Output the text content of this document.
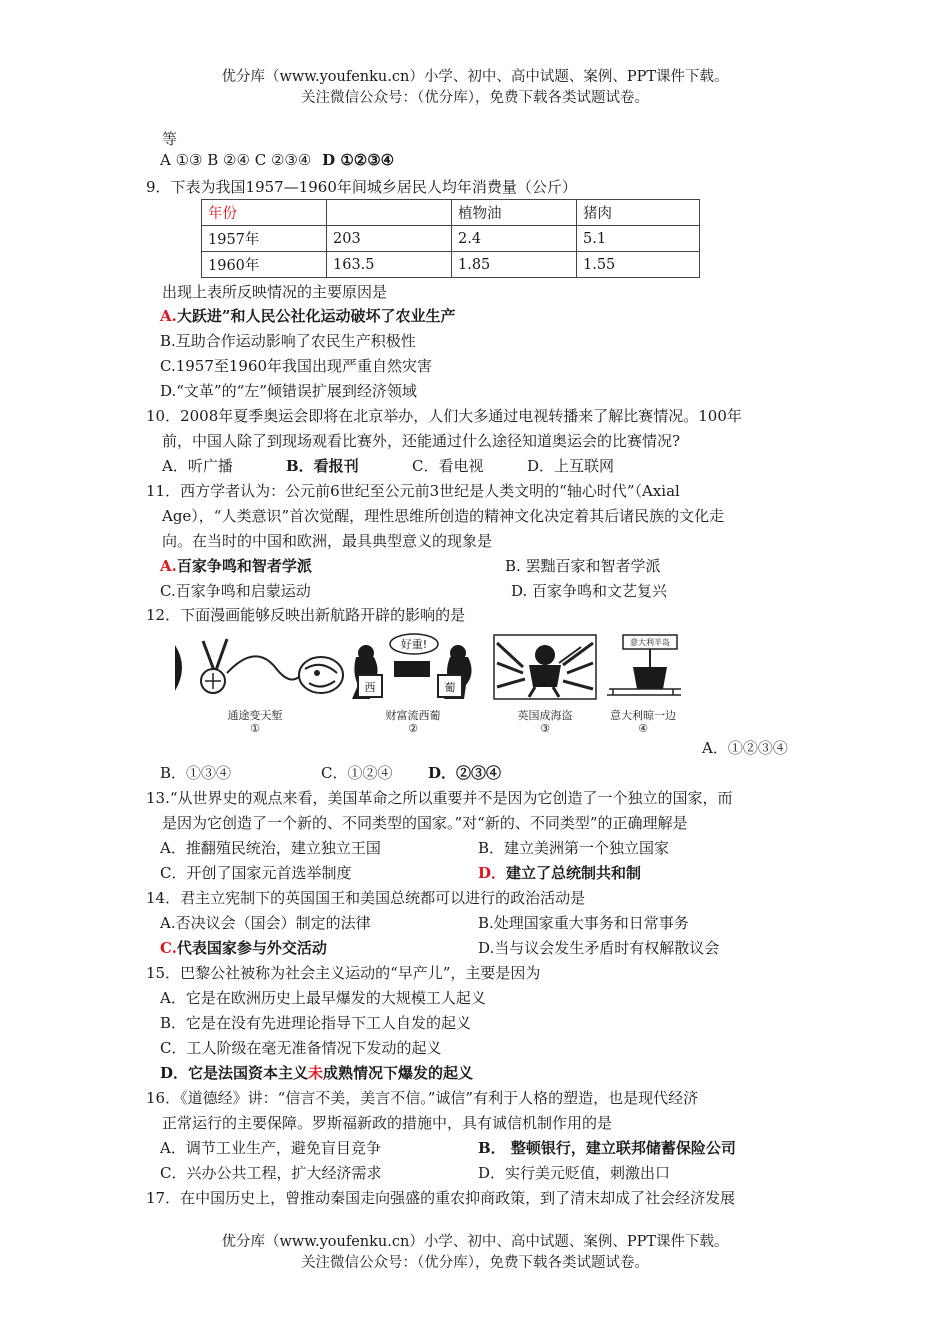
优分库（www.youfenku.cn）小学、初中、高中试题、案例、PPT课件下载。
关注微信公众号：（优分库），免费下载各类试题试卷。
等
A ①③ B ②④ C ②③④ D ①②③④
9．下表为我国1957—1960年间城乡居民人均年消费量（公斤）
年份		植物油	猪肉
1957年	203	2.4	5.1
1960年	163.5	1.85	1.55
出现上表所反映情况的主要原因是
A.大跃进”和人民公社化运动破坏了农业生产
B.互助合作运动影响了农民生产积极性
C.1957至1960年我国出现严重自然灾害
D.“文革”的“左”倾错误扩展到经济领域
10．2008年夏季奥运会即将在北京举办，人们大多通过电视转播来了解比赛情况。100年
前，中国人除了到现场观看比赛外，还能通过什么途径知道奥运会的比赛情况?
A．听广播	B．看报刊	C．看电视	D．上互联网
11．西方学者认为：公元前6世纪至公元前3世纪是人类文明的“轴心时代”（Axial
Age），“人类意识”首次觉醒，理性思维所创造的精神文化决定着其后诸民族的文化走
向。在当时的中国和欧洲，最具典型意义的现象是
A.百家争鸣和智者学派	B. 罢黜百家和智者学派
C.百家争鸣和启蒙运动	D. 百家争鸣和文艺复兴
12．下面漫画能够反映出新航路开辟的影响的是
通途变天堑
①
好重!
西	葡
财富流西葡
②
英国成海盗
③
意大利半岛
意大利晾一边
④
A．①②③④
B．①③④	C．①②④ D．②③④
13.“从世界史的观点来看，美国革命之所以重要并不是因为它创造了一个独立的国家，而
是因为它创造了一个新的、不同类型的国家。”对“新的、不同类型”的正确理解是
A．推翻殖民统治，建立独立王国	B．建立美洲第一个独立国家
C．开创了国家元首选举制度	D．建立了总统制共和制
14．君主立宪制下的英国国王和美国总统都可以进行的政治活动是
A.否决议会（国会）制定的法律	B.处理国家重大事务和日常事务
C.代表国家参与外交活动	D.当与议会发生矛盾时有权解散议会
15．巴黎公社被称为社会主义运动的“早产儿”，主要是因为
A．它是在欧洲历史上最早爆发的大规模工人起义
B．它是在没有先进理论指导下工人自发的起义
C．工人阶级在毫无准备情况下发动的起义
D．它是法国资本主义未成熟情况下爆发的起义
16．《道德经》讲：“信言不美，美言不信。”诚信”有利于人格的塑造，也是现代经济
正常运行的主要保障。罗斯福新政的措施中，具有诚信机制作用的是
A．调节工业生产，避免盲目竞争	B． 整顿银行，建立联邦储蓄保险公司
C．兴办公共工程，扩大经济需求	D．实行美元贬值，刺激出口
17．在中国历史上，曾推动秦国走向强盛的重农抑商政策，到了清末却成了社会经济发展
优分库（www.youfenku.cn）小学、初中、高中试题、案例、PPT课件下载。
关注微信公众号：（优分库），免费下载各类试题试卷。
